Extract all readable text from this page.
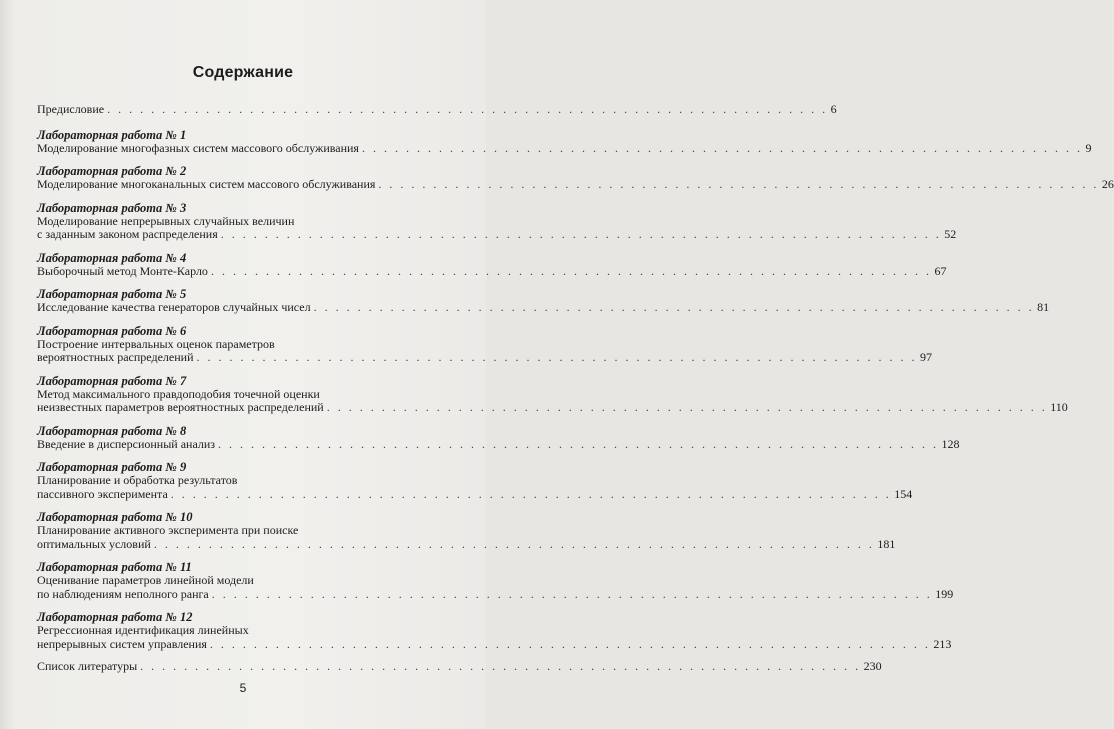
Содержание
Предисловие . . . . . . . . . . . . . . . . . . . . . . . . . . . . . . . . . . . . . . . . . . . . . . . . . . . . . . . . . . . . . . . . . . 6
Лабораторная работа № 1
Моделирование многофазных систем массового обслуживания . . . . . . . . . . . . . . . . . . . . . . . . . . . . . . . . . . . . . . . . . . . . . . . . . . . . . . . . . . . . . . . . . . 9
Лабораторная работа № 2
Моделирование многоканальных систем массового обслуживания . . . . . . . . . . . . . . . . . . . . . . . . . . . . . . . . . . . . . . . . . . . . . . . . . . . . . . . . . . . . . . . . . . 26
Лабораторная работа № 3
Моделирование непрерывных случайных величин
с заданным законом распределения . . . . . . . . . . . . . . . . . . . . . . . . . . . . . . . . . . . . . . . . . . . . . . . . . . . . . . . . . . . . . . . . . . 52
Лабораторная работа № 4
Выборочный метод Монте-Карло . . . . . . . . . . . . . . . . . . . . . . . . . . . . . . . . . . . . . . . . . . . . . . . . . . . . . . . . . . . . . . . . . . 67
Лабораторная работа № 5
Исследование качества генераторов случайных чисел . . . . . . . . . . . . . . . . . . . . . . . . . . . . . . . . . . . . . . . . . . . . . . . . . . . . . . . . . . . . . . . . . . 81
Лабораторная работа № 6
Построение интервальных оценок параметров
вероятностных распределений . . . . . . . . . . . . . . . . . . . . . . . . . . . . . . . . . . . . . . . . . . . . . . . . . . . . . . . . . . . . . . . . . . 97
Лабораторная работа № 7
Метод максимального правдоподобия точечной оценки
неизвестных параметров вероятностных распределений . . . . . . . . . . . . . . . . . . . . . . . . . . . . . . . . . . . . . . . . . . . . . . . . . . . . . . . . . . . . . . . . . . 110
Лабораторная работа № 8
Введение в дисперсионный анализ . . . . . . . . . . . . . . . . . . . . . . . . . . . . . . . . . . . . . . . . . . . . . . . . . . . . . . . . . . . . . . . . . . 128
Лабораторная работа № 9
Планирование и обработка результатов
пассивного эксперимента . . . . . . . . . . . . . . . . . . . . . . . . . . . . . . . . . . . . . . . . . . . . . . . . . . . . . . . . . . . . . . . . . . 154
Лабораторная работа № 10
Планирование активного эксперимента при поиске
оптимальных условий . . . . . . . . . . . . . . . . . . . . . . . . . . . . . . . . . . . . . . . . . . . . . . . . . . . . . . . . . . . . . . . . . . 181
Лабораторная работа № 11
Оценивание параметров линейной модели
по наблюдениям неполного ранга . . . . . . . . . . . . . . . . . . . . . . . . . . . . . . . . . . . . . . . . . . . . . . . . . . . . . . . . . . . . . . . . . . 199
Лабораторная работа № 12
Регрессионная идентификация линейных
непрерывных систем управления . . . . . . . . . . . . . . . . . . . . . . . . . . . . . . . . . . . . . . . . . . . . . . . . . . . . . . . . . . . . . . . . . . 213
Список литературы . . . . . . . . . . . . . . . . . . . . . . . . . . . . . . . . . . . . . . . . . . . . . . . . . . . . . . . . . . . . . . . . . . 230
5
